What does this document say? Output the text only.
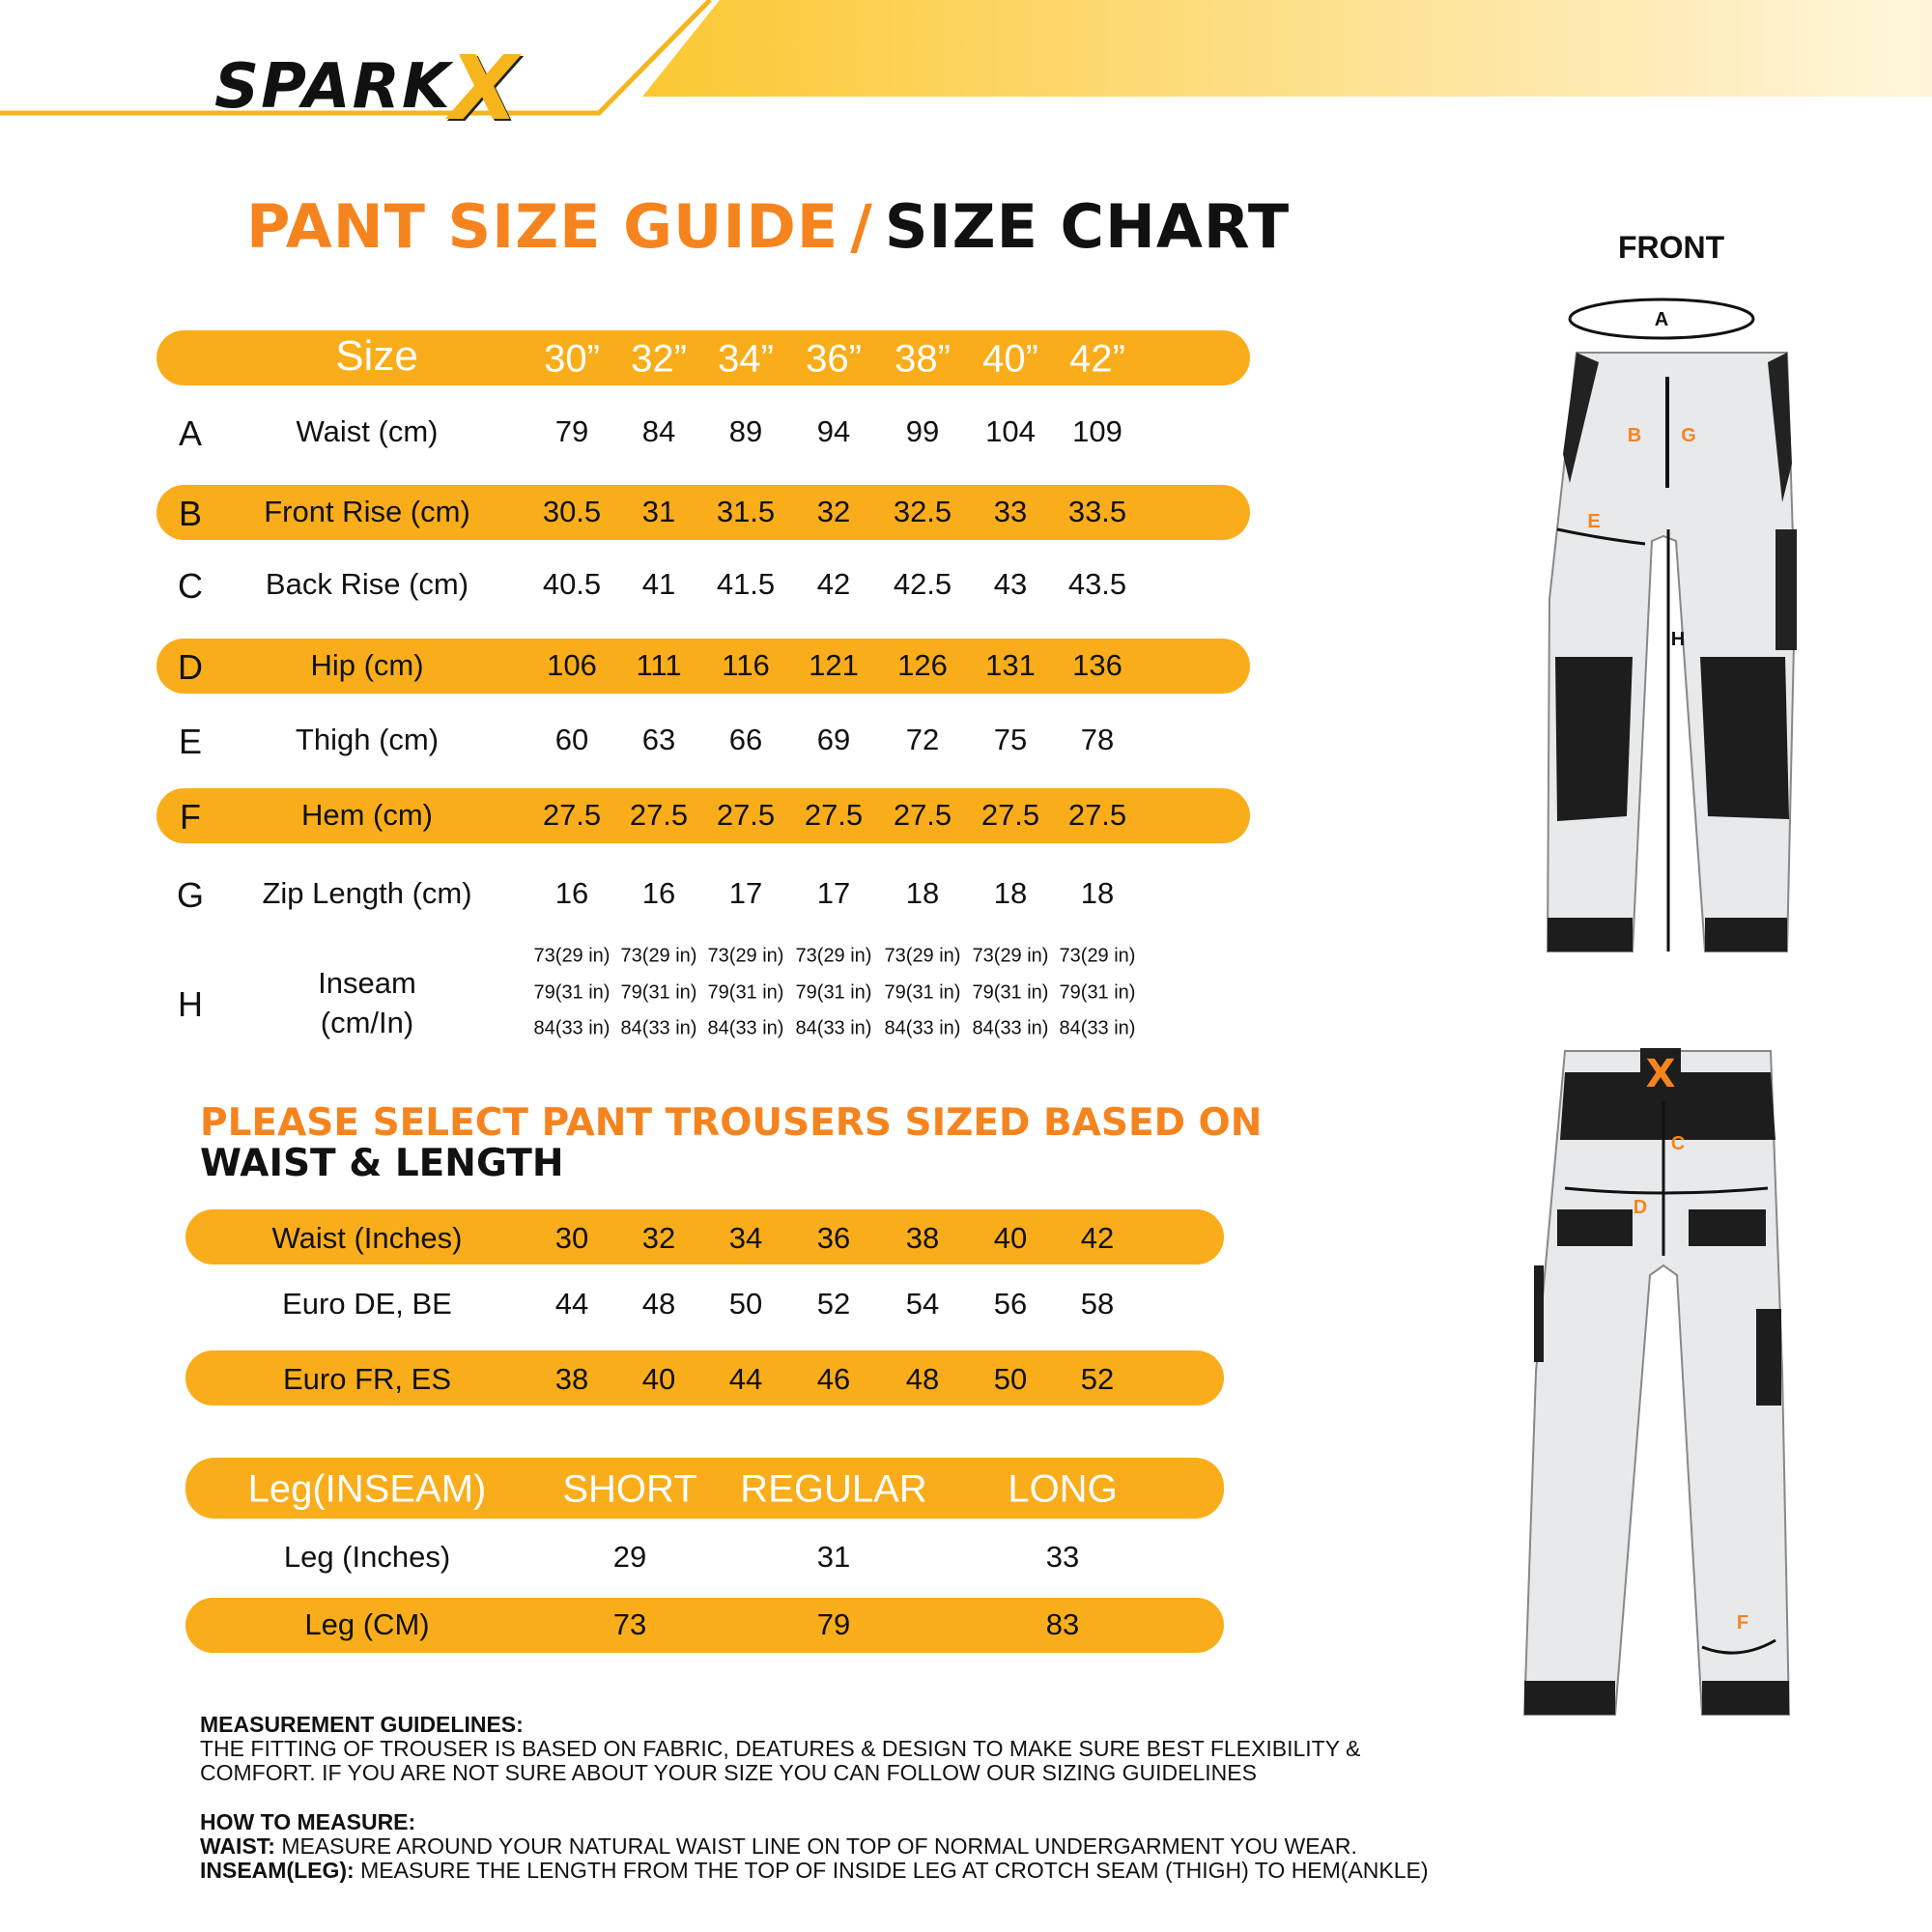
SPARKX
PANT SIZE GUIDE / SIZE CHART
Size	30” 32” 34” 36” 38” 40” 42”
A	Waist (cm)	79 84 89 94 99 104 109
B Front Rise (cm) 30.5 31 31.5 32 32.5 33 33.5
C Back Rise (cm) 40.5 41 41.5 42 42.5 43 43.5
D	Hip (cm)	106 111 116 121 126 131 136
E	Thigh (cm)	60 63 66 69 72 75 78
F	Hem (cm)	27.5 27.5 27.5 27.5 27.5 27.5 27.5
G Zip Length (cm)	16 16 17 17 18 18 18
H
Inseam
(cm/In)
73(29 in) 73(29 in) 73(29 in) 73(29 in) 73(29 in) 73(29 in) 73(29 in)
79(31 in) 79(31 in) 79(31 in) 79(31 in) 79(31 in) 79(31 in) 79(31 in)
84(33 in) 84(33 in) 84(33 in) 84(33 in) 84(33 in) 84(33 in) 84(33 in)
PLEASE SELECT PANT TROUSERS SIZED BASED ON
WAIST & LENGTH
Waist (Inches)	30 32 34 36 38 40 42
Euro DE, BE	44 48 50 52 54 56 58
Euro FR, ES	38 40 44 46 48 50 52
Leg(INSEAM) SHORT REGULAR LONG
Leg (Inches)	29	31	33
Leg (CM)	73	79	83
MEASUREMENT GUIDELINES:
THE FITTING OF TROUSER IS BASED ON FABRIC, DEATURES & DESIGN TO MAKE SURE BEST FLEXIBILITY &
COMFORT. IF YOU ARE NOT SURE ABOUT YOUR SIZE YOU CAN FOLLOW OUR SIZING GUIDELINES
HOW TO MEASURE:
WAIST: MEASURE AROUND YOUR NATURAL WAIST LINE ON TOP OF NORMAL UNDERGARMENT YOU WEAR.
INSEAM(LEG): MEASURE THE LENGTH FROM THE TOP OF INSIDE LEG AT CROTCH SEAM (THIGH) TO HEM(ANKLE)
FRONT
X
A
B G
E
H
C
D
F
